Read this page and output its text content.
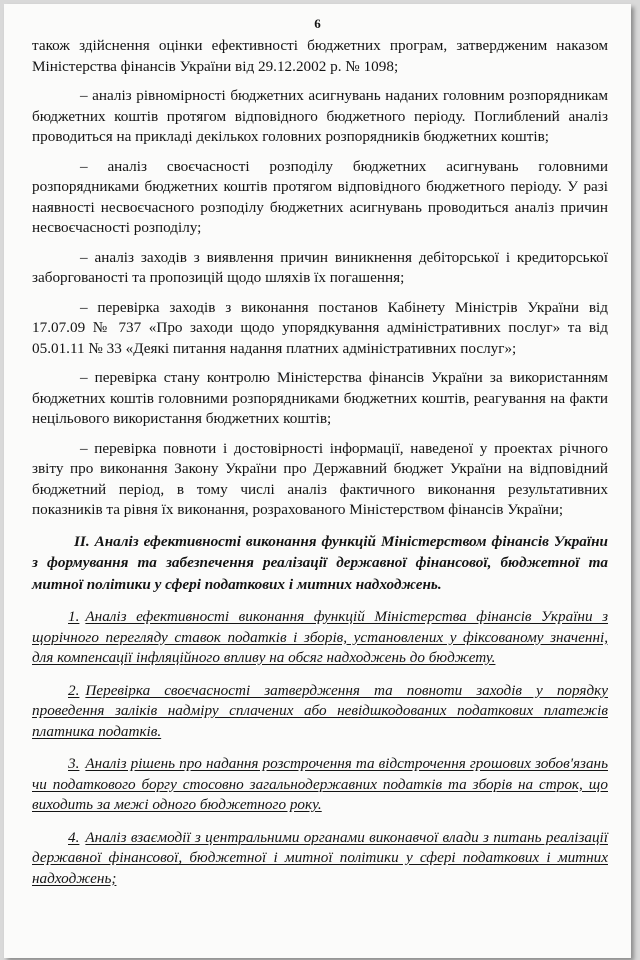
6

також здійснення оцінки ефективності бюджетних програм, затвердженим наказом Міністерства фінансів України від 29.12.2002 р. № 1098;

– аналіз рівномірності бюджетних асигнувань наданих головним розпорядникам бюджетних коштів протягом відповідного бюджетного періоду. Поглиблений аналіз проводиться на прикладі декількох головних розпорядників бюджетних коштів;

– аналіз своєчасності розподілу бюджетних асигнувань головними розпорядниками бюджетних коштів протягом відповідного бюджетного періоду. У разі наявності несвоєчасного розподілу бюджетних асигнувань проводиться аналіз причин несвоєчасності розподілу;

– аналіз заходів з виявлення причин виникнення дебіторської і кредиторської заборгованості та пропозицій щодо шляхів їх погашення;

– перевірка заходів з виконання постанов Кабінету Міністрів України від 17.07.09 № 737 «Про заходи щодо упорядкування адміністративних послуг» та від 05.01.11 № 33 «Деякі питання надання платних адміністративних послуг»;

– перевірка стану контролю Міністерства фінансів України за використанням бюджетних коштів головними розпорядниками бюджетних коштів, реагування на факти нецільового використання бюджетних коштів;

– перевірка повноти і достовірності інформації, наведеної у проектах річного звіту про виконання Закону України про Державний бюджет України на відповідний бюджетний період, в тому числі аналіз фактичного виконання результативних показників та рівня їх виконання, розрахованого Міністерством фінансів України;

II. Аналіз ефективності виконання функцій Міністерством фінансів України з формування та забезпечення реалізації державної фінансової, бюджетної та митної політики у сфері податкових і митних надходжень.

1. Аналіз ефективності виконання функцій Міністерства фінансів України з щорічного перегляду ставок податків і зборів, установлених у фіксованому значенні, для компенсації інфляційного впливу на обсяг надходжень до бюджету.

2. Перевірка своєчасності затвердження та повноти заходів у порядку проведення заліків надміру сплачених або невідшкодованих податкових платежів платника податків.

3. Аналіз рішень про надання розстрочення та відстрочення грошових зобов'язань чи податкового боргу стосовно загальнодержавних податків та зборів на строк, що виходить за межі одного бюджетного року.

4. Аналіз взаємодії з центральними органами виконавчої влади з питань реалізації державної фінансової, бюджетної і митної політики у сфері податкових і митних надходжень;
